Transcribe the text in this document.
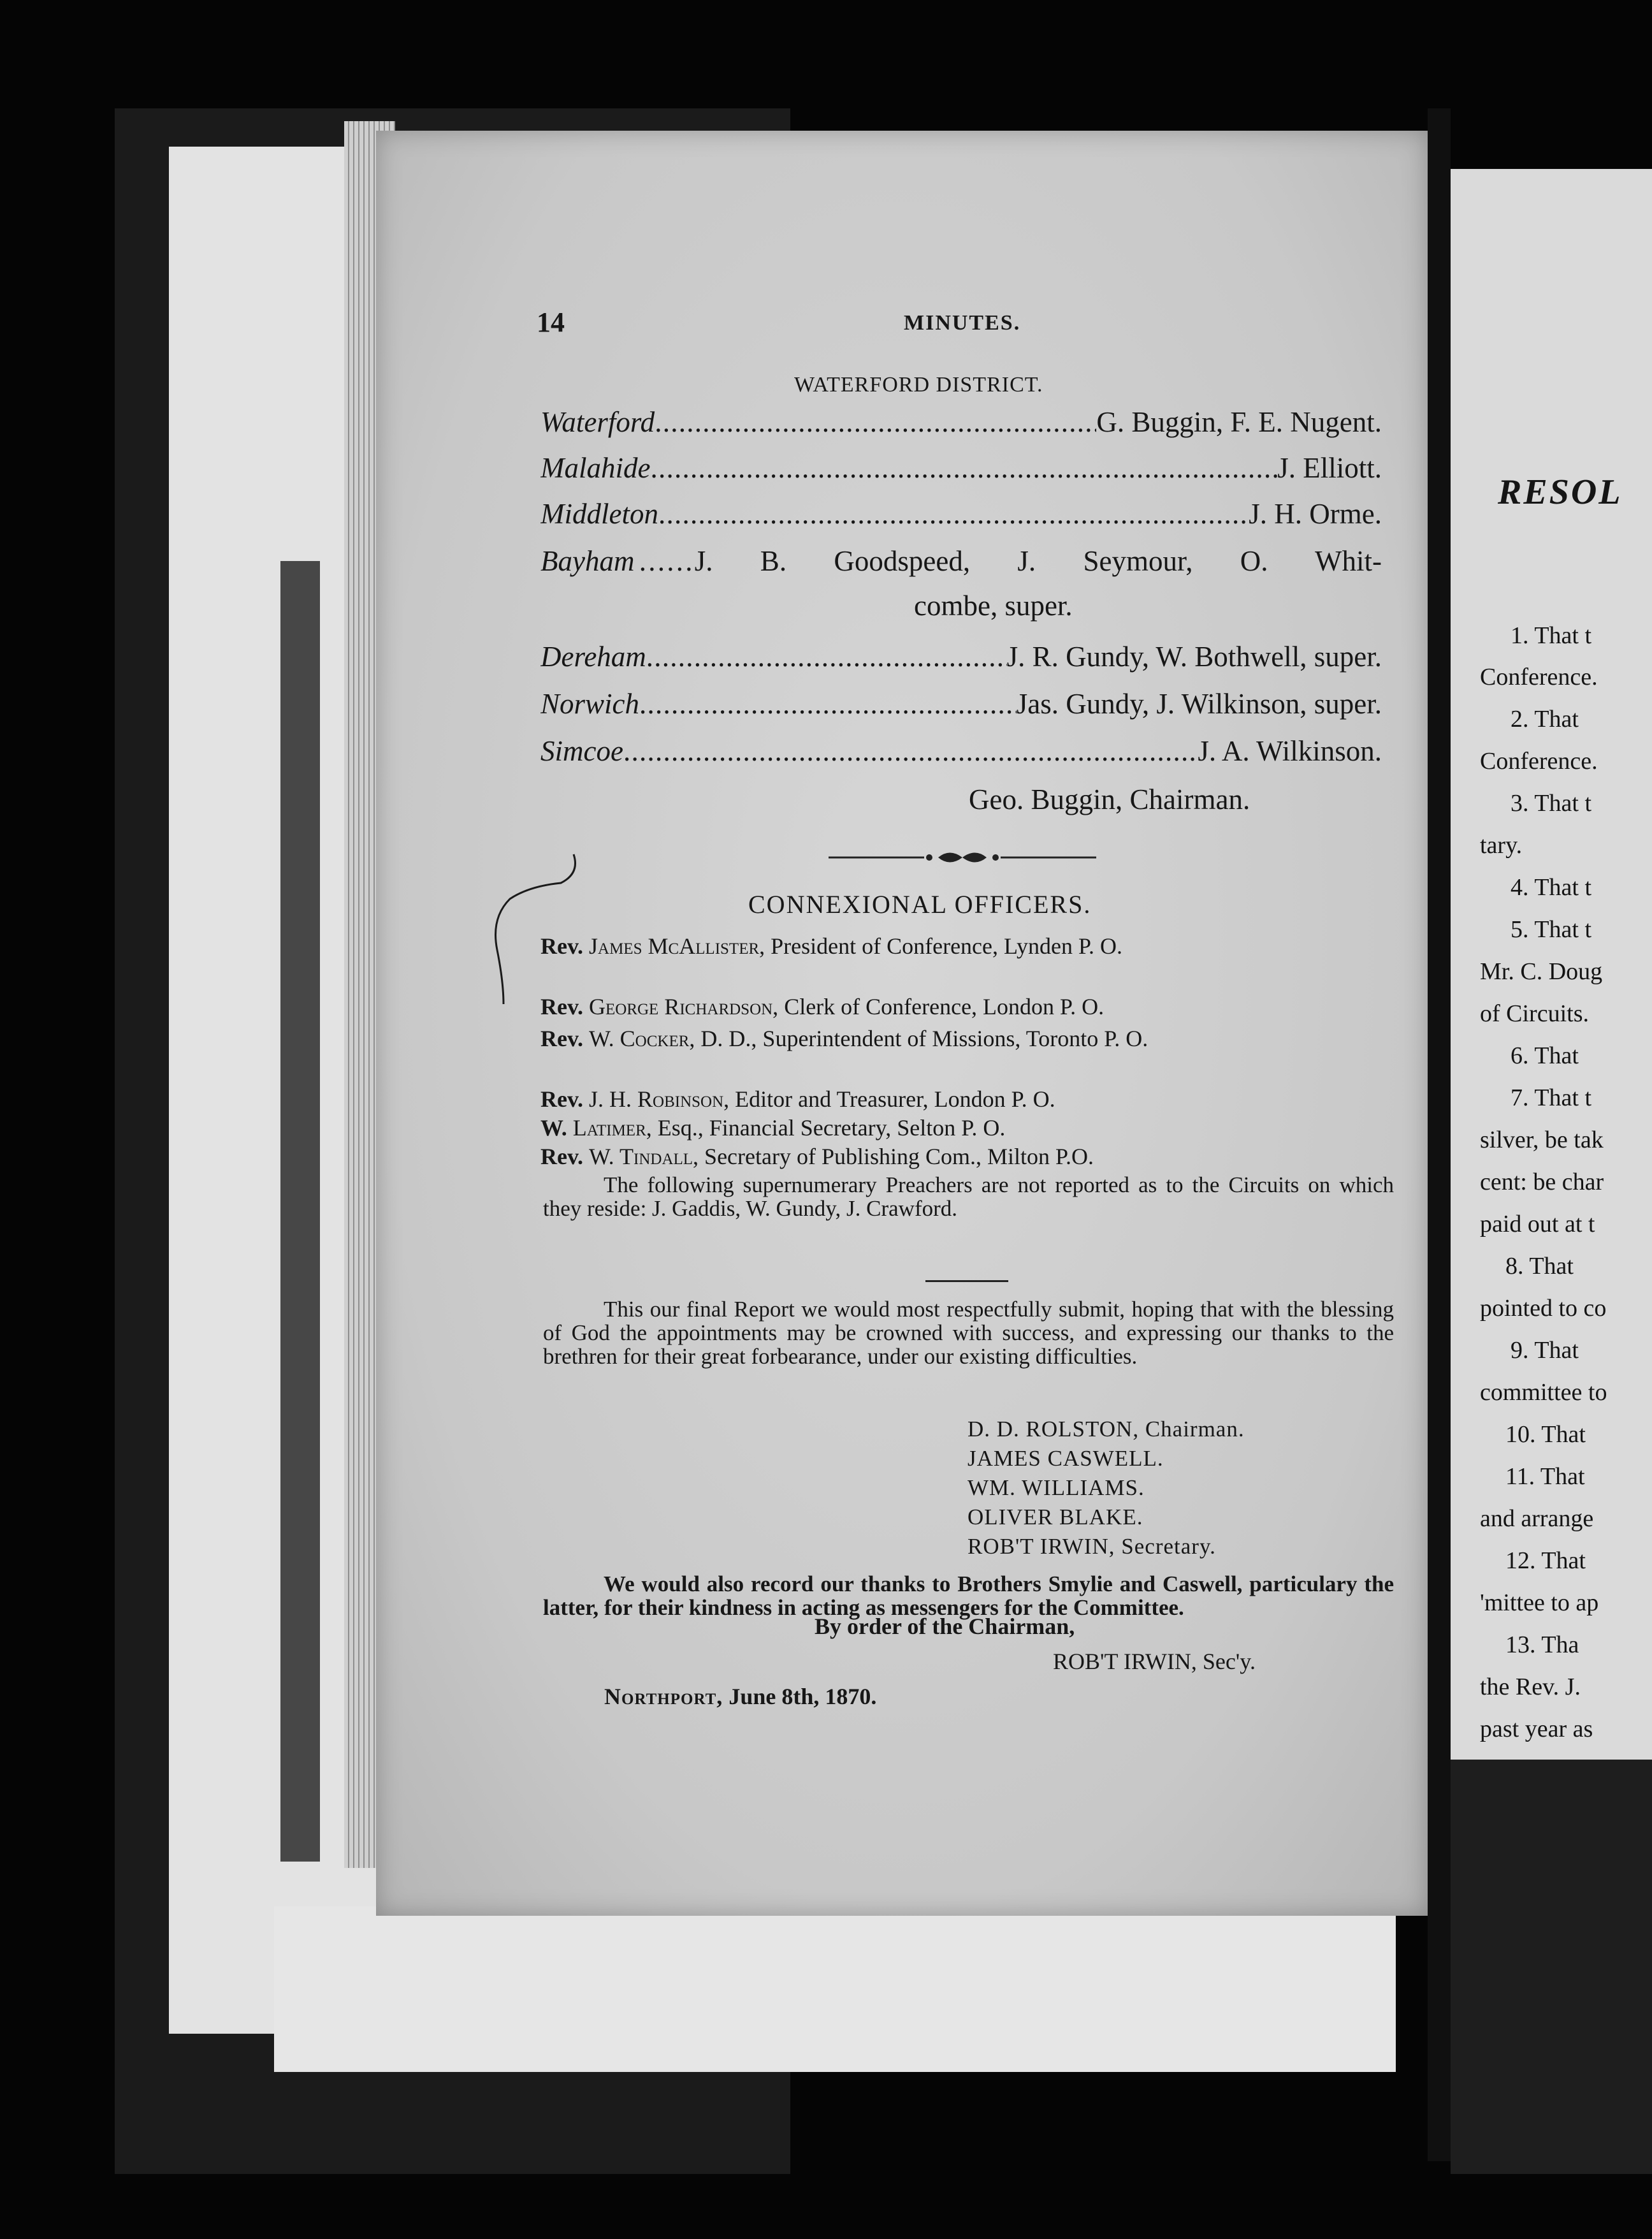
14	MINUTES.
WATERFORD DISTRICT.
Waterford . . .	G. Buggin, F. E. Nugent.
Malahide . . .	J. Elliott.
Middleton . . .	J. H. Orme.
Bayham . . . . . . J. B. Goodspeed, J. Seymour, O. Whit-
combe, super.
Dereham . . .	J. R. Gundy, W. Bothwell, super.
Norwich . . .	Jas. Gundy, J. Wilkinson, super.
Simcoe . . .	J. A. Wilkinson.
Geo. Buggin, Chairman.
CONNEXIONAL OFFICERS.
Rev. James McAllister, President of Conference, Lynden P. O.
Rev. George Richardson, Clerk of Conference, London P. O.
Rev. W. Cocker, D. D., Superintendent of Missions, Toronto P. O.
Rev. J. H. Robinson, Editor and Treasurer, London P. O.
W. Latimer, Esq., Financial Secretary, Selton P. O.
Rev. W. Tindall, Secretary of Publishing Com., Milton P.O.
The following supernumerary Preachers are not reported as to the Circuits on which they reside: J. Gaddis, W. Gundy, J. Crawford.
This our final Report we would most respectfully submit, hoping that with the blessing of God the appointments may be crowned with success, and expressing our thanks to the brethren for their great forbearance, under our existing difficulties.
D. D. ROLSTON, Chairman.
JAMES CASWELL.
WM. WILLIAMS.
OLIVER BLAKE.
ROB'T IRWIN, Secretary.
We would also record our thanks to Brothers Smylie and Caswell, particulary the latter, for their kindness in acting as messengers for the Committee.
By order of the Chairman,
ROB'T IRWIN, Sec'y.
Northport, June 8th, 1870.
RESOL
1. That t
Conference.
2. That
Conference.
3. That t
tary.
4. That t
5. That t
Mr. C. Doug
of Circuits.
6. That
7. That t
silver, be tak
cent: be char
paid out at t
8. That
pointed to co
9. That
committee to
10. That
11. That
and arrange
12. That
'mittee to ap
13. Tha
the Rev. J.
past year as
